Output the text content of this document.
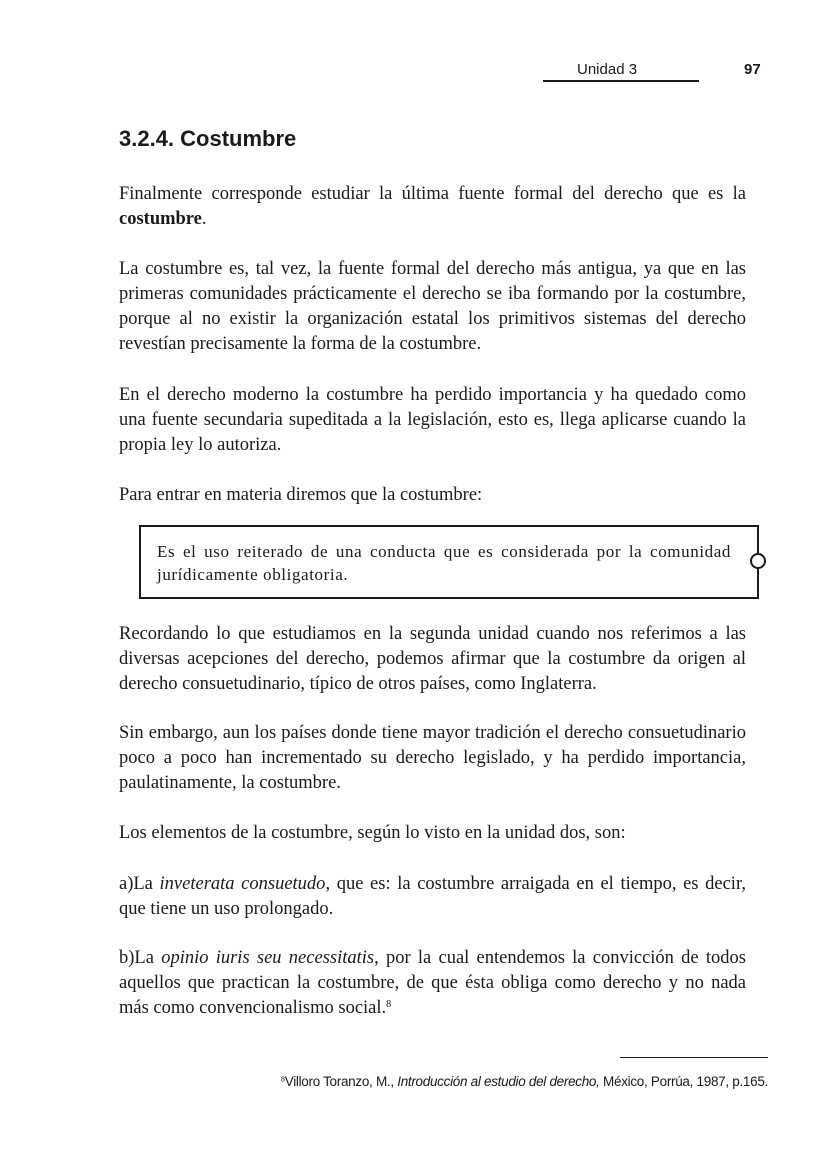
Unidad 3	97
3.2.4. Costumbre

Finalmente corresponde estudiar la última fuente formal del derecho que es la costumbre.

La costumbre es, tal vez, la fuente formal del derecho más antigua, ya que en las primeras comunidades prácticamente el derecho se iba formando por la costumbre, porque al no existir la organización estatal los primitivos sistemas del derecho revestían precisamente la forma de la costumbre.

En el derecho moderno la costumbre ha perdido importancia y ha quedado como una fuente secundaria supeditada a la legislación, esto es, llega aplicarse cuando la propia ley lo autoriza.

Para entrar en materia diremos que la costumbre:

Es el uso reiterado de una conducta que es considerada por la comunidad jurídicamente obligatoria.

Recordando lo que estudiamos en la segunda unidad cuando nos referimos a las diversas acepciones del derecho, podemos afirmar que la costumbre da origen al derecho consuetudinario, típico de otros países, como Inglaterra.

Sin embargo, aun los países donde tiene mayor tradición el derecho consuetudinario poco a poco han incrementado su derecho legislado, y ha perdido importancia, paulatinamente, la costumbre.

Los elementos de la costumbre, según lo visto en la unidad dos, son:

a)La inveterata consuetudo, que es: la costumbre arraigada en el tiempo, es decir, que tiene un uso prolongado.

b)La opinio iuris seu necessitatis, por la cual entendemos la convicción de todos aquellos que practican la costumbre, de que ésta obliga como derecho y no nada más como convencionalismo social.$^8$

$^8$Villoro Toranzo, M., Introducción al estudio del derecho, México, Porrúa, 1987, p.165.
